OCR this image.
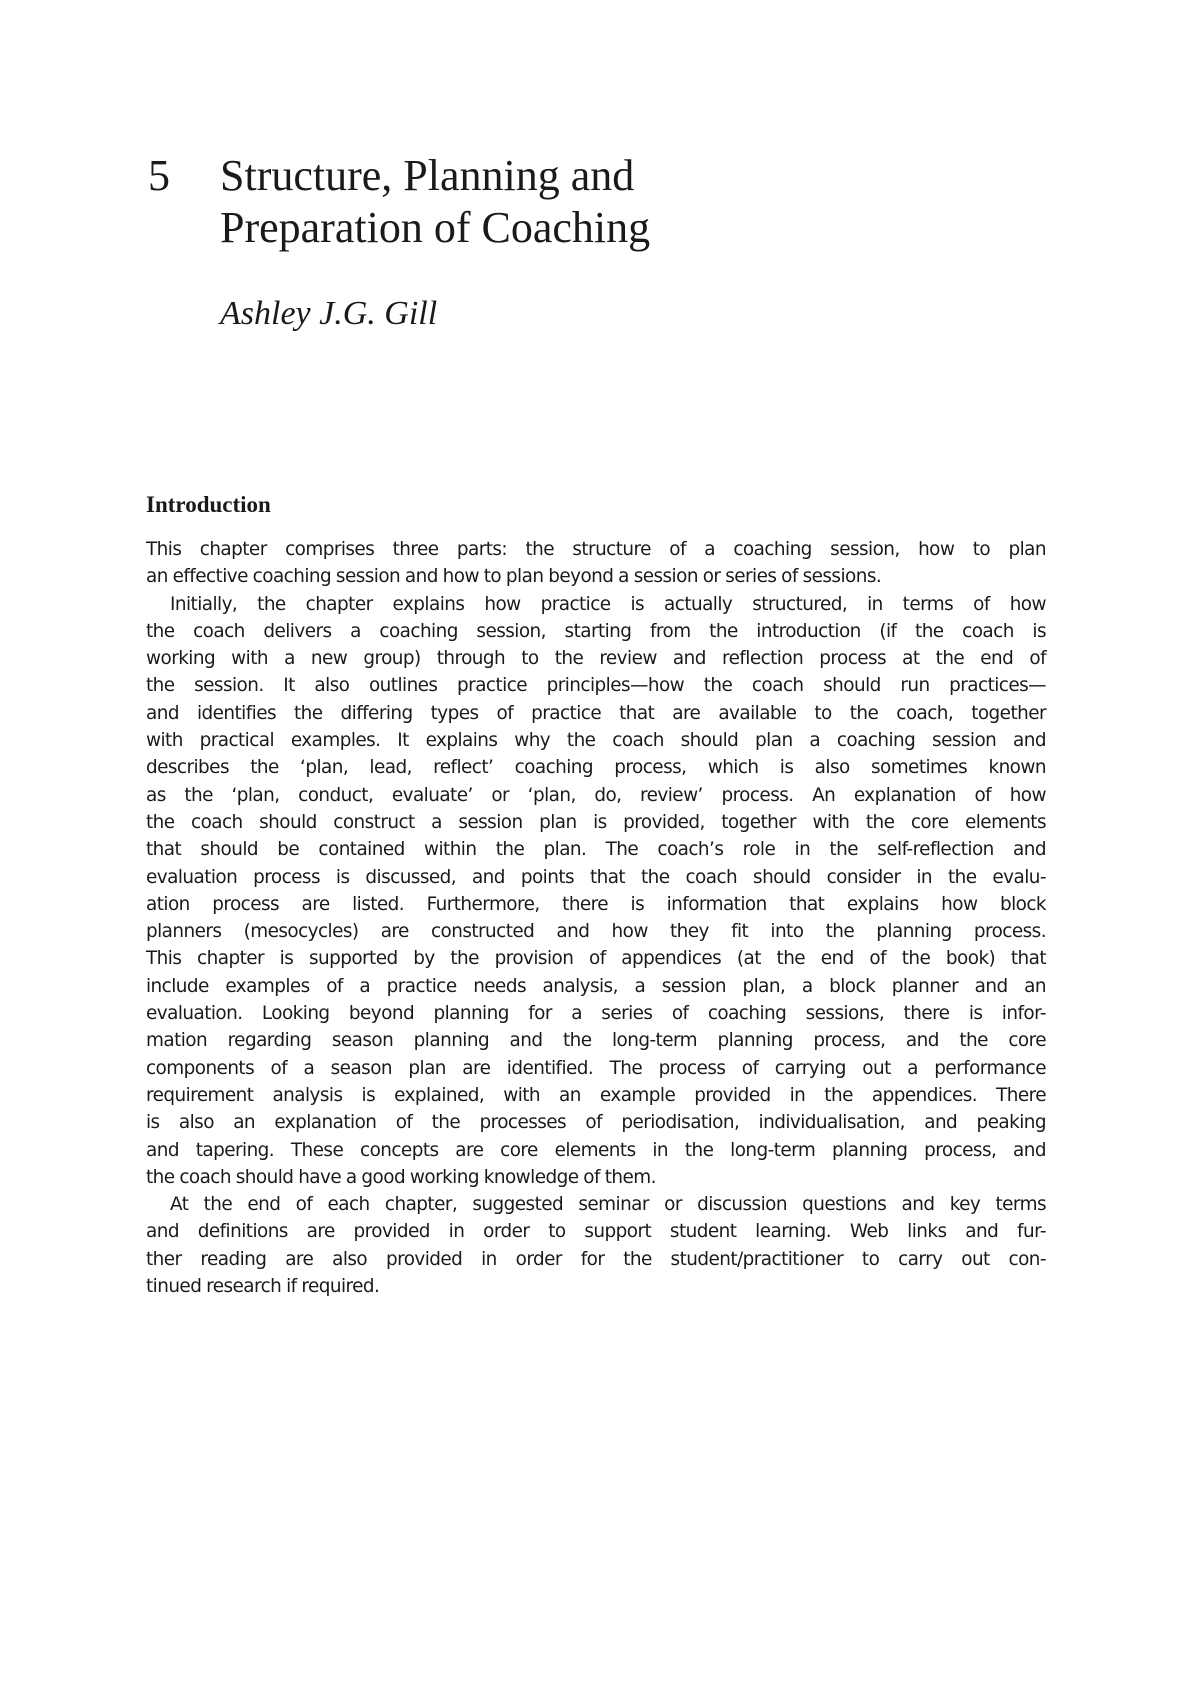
5	Structure, Planning and
Preparation of Coaching
Ashley J.G. Gill
Introduction
This chapter comprises three parts: the structure of a coaching session, how to plan
an effective coaching session and how to plan beyond a session or series of sessions.
Initially, the chapter explains how practice is actually structured, in terms of how
the coach delivers a coaching session, starting from the introduction (if the coach is
working with a new group) through to the review and reflection process at the end of
the session. It also outlines practice principles—how the coach should run practices—
and identifies the differing types of practice that are available to the coach, together
with practical examples. It explains why the coach should plan a coaching session and
describes the ‘plan, lead, reflect’ coaching process, which is also sometimes known
as the ‘plan, conduct, evaluate’ or ‘plan, do, review’ process. An explanation of how
the coach should construct a session plan is provided, together with the core elements
that should be contained within the plan. The coach’s role in the self-reflection and
evaluation process is discussed, and points that the coach should consider in the evalu-
ation process are listed. Furthermore, there is information that explains how block
planners (mesocycles) are constructed and how they fit into the planning process.
This chapter is supported by the provision of appendices (at the end of the book) that
include examples of a practice needs analysis, a session plan, a block planner and an
evaluation. Looking beyond planning for a series of coaching sessions, there is infor-
mation regarding season planning and the long-term planning process, and the core
components of a season plan are identified. The process of carrying out a performance
requirement analysis is explained, with an example provided in the appendices. There
is also an explanation of the processes of periodisation, individualisation, and peaking
and tapering. These concepts are core elements in the long-term planning process, and
the coach should have a good working knowledge of them.
At the end of each chapter, suggested seminar or discussion questions and key terms
and definitions are provided in order to support student learning. Web links and fur-
ther reading are also provided in order for the student/practitioner to carry out con-
tinued research if required.
